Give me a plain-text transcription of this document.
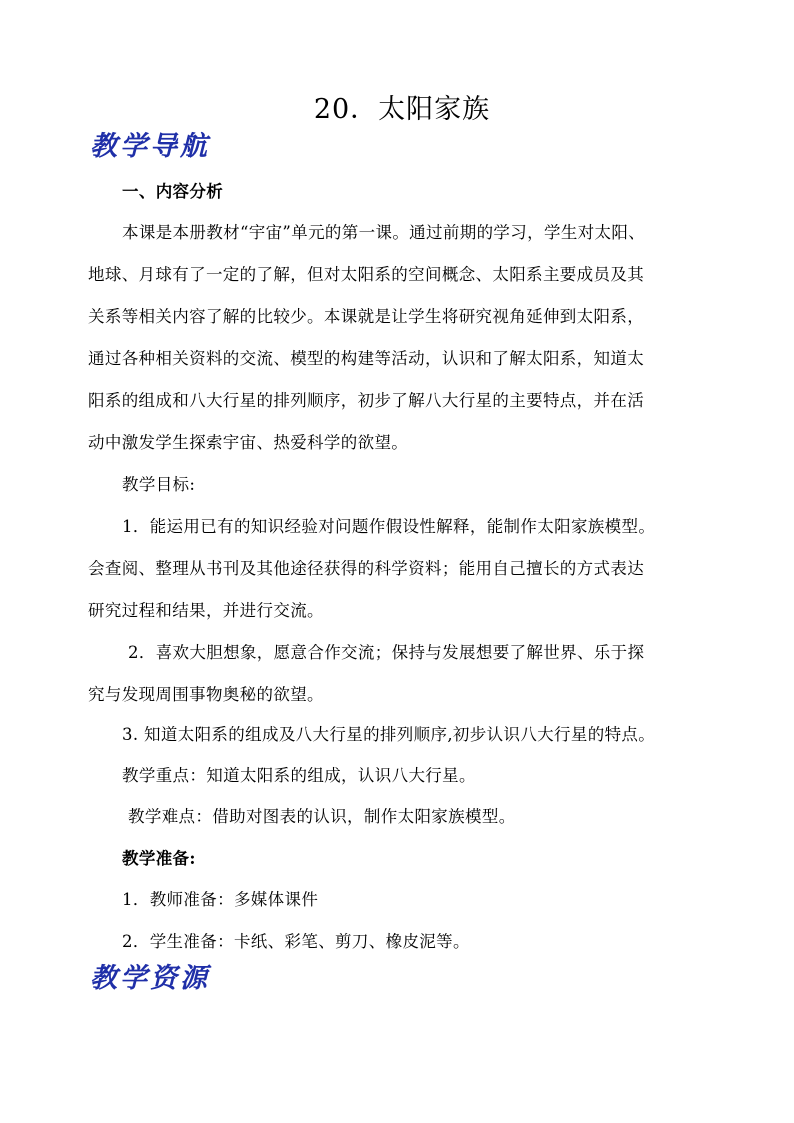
20．太阳家族
教学导航
一、内容分析
本课是本册教材“宇宙”单元的第一课。通过前期的学习，学生对太阳、
地球、月球有了一定的了解，但对太阳系的空间概念、太阳系主要成员及其
关系等相关内容了解的比较少。本课就是让学生将研究视角延伸到太阳系，
通过各种相关资料的交流、模型的构建等活动，认识和了解太阳系，知道太
阳系的组成和八大行星的排列顺序，初步了解八大行星的主要特点，并在活
动中激发学生探索宇宙、热爱科学的欲望。
教学目标:
1．能运用已有的知识经验对问题作假设性解释，能制作太阳家族模型。
会查阅、整理从书刊及其他途径获得的科学资料；能用自己擅长的方式表达
研究过程和结果，并进行交流。
2．喜欢大胆想象，愿意合作交流；保持与发展想要了解世界、乐于探
究与发现周围事物奥秘的欲望。
3. 知道太阳系的组成及八大行星的排列顺序,初步认识八大行星的特点。
教学重点：知道太阳系的组成，认识八大行星。
教学难点：借助对图表的认识，制作太阳家族模型。
教学准备:
1．教师准备：多媒体课件
2．学生准备：卡纸、彩笔、剪刀、橡皮泥等。
教学资源
